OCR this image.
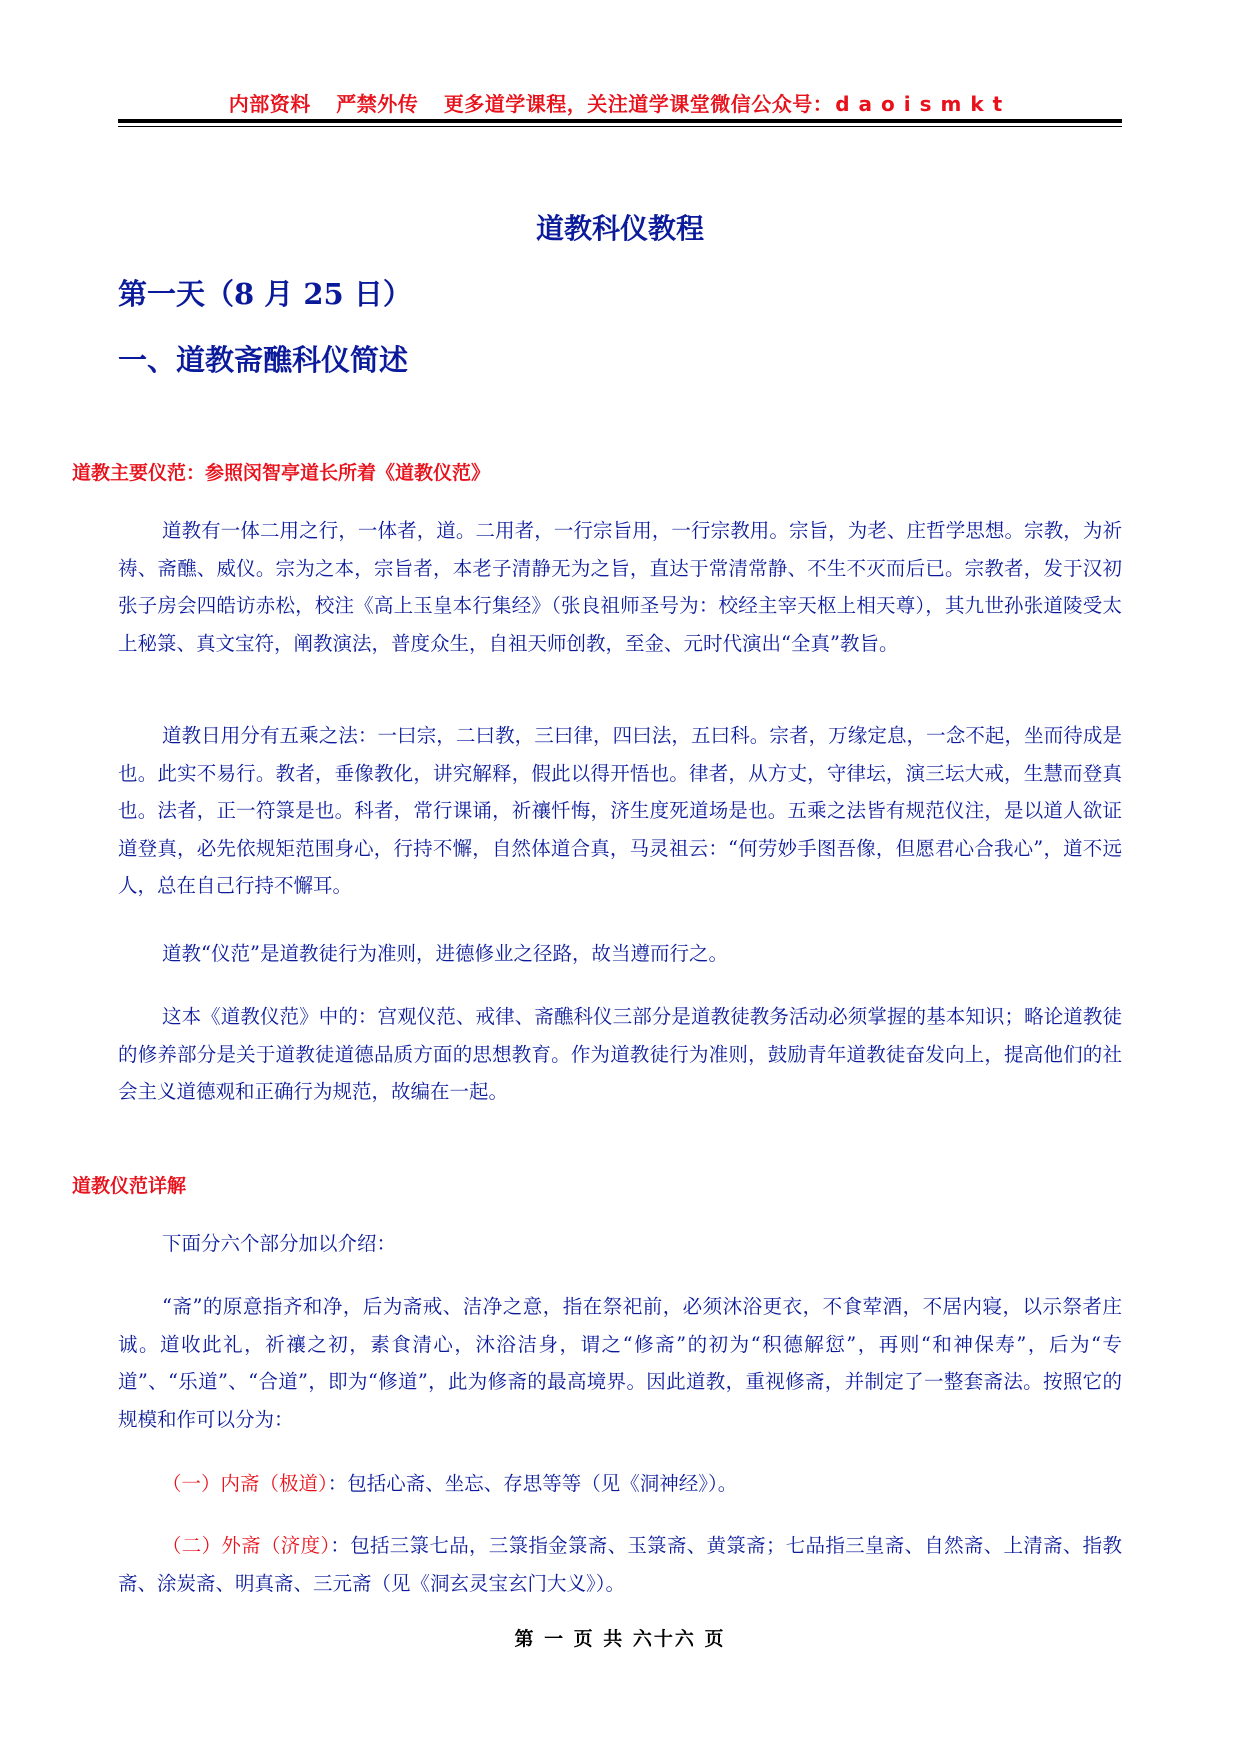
内部资料 严禁外传 更多道学课程，关注道学课堂微信公众号： daoismkt
道教科仪教程
第一天（8 月 25 日）
一、道教斋醮科仪简述
道教主要仪范：参照闵智亭道长所着《道教仪范》
道教有一体二用之行，一体者，道。二用者，一行宗旨用，一行宗教用。宗旨，为老、庄哲学思想。宗教，为祈祷、斋醮、威仪。宗为之本，宗旨者，本老子清静无为之旨，直达于常清常静、不生不灭而后已。宗教者，发于汉初张子房会四皓访赤松，校注《高上玉皇本行集经》（张良祖师圣号为：校经主宰天枢上相天尊），其九世孙张道陵受太上秘箓、真文宝符，阐教演法，普度众生，自祖天师创教，至金、元时代演出“全真”教旨。
道教日用分有五乘之法：一曰宗，二曰教，三曰律，四曰法，五曰科。宗者，万缘定息，一念不起，坐而待成是也。此实不易行。教者，垂像教化，讲究解释，假此以得开悟也。律者，从方丈，守律坛，演三坛大戒，生慧而登真也。法者，正一符箓是也。科者，常行课诵，祈禳忏悔，济生度死道场是也。五乘之法皆有规范仪注，是以道人欲证道登真，必先依规矩范围身心，行持不懈，自然体道合真，马灵祖云：“何劳妙手图吾像，但愿君心合我心”，道不远人，总在自己行持不懈耳。
道教“仪范”是道教徒行为准则，进德修业之径路，故当遵而行之。
这本《道教仪范》中的：宫观仪范、戒律、斋醮科仪三部分是道教徒教务活动必须掌握的基本知识；略论道教徒的修养部分是关于道教徒道德品质方面的思想教育。作为道教徒行为准则，鼓励青年道教徒奋发向上，提高他们的社会主义道德观和正确行为规范，故编在一起。
道教仪范详解
下面分六个部分加以介绍：
“斋”的原意指齐和净，后为斋戒、洁净之意，指在祭祀前，必须沐浴更衣，不食荤酒，不居内寝，以示祭者庄诚。道收此礼，祈禳之初，素食清心，沐浴洁身，谓之“修斋”的初为“积德解愆”，再则“和神保寿”，后为“专道”、“乐道”、“合道”，即为“修道”，此为修斋的最高境界。因此道教，重视修斋，并制定了一整套斋法。按照它的规模和作可以分为：
（一）内斋（极道）：包括心斋、坐忘、存思等等（见《洞神经》）。
（二）外斋（济度）：包括三箓七品，三箓指金箓斋、玉箓斋、黄箓斋；七品指三皇斋、自然斋、上清斋、指教斋、涂炭斋、明真斋、三元斋（见《洞玄灵宝玄门大义》）。
第 一 页 共 六十六 页
